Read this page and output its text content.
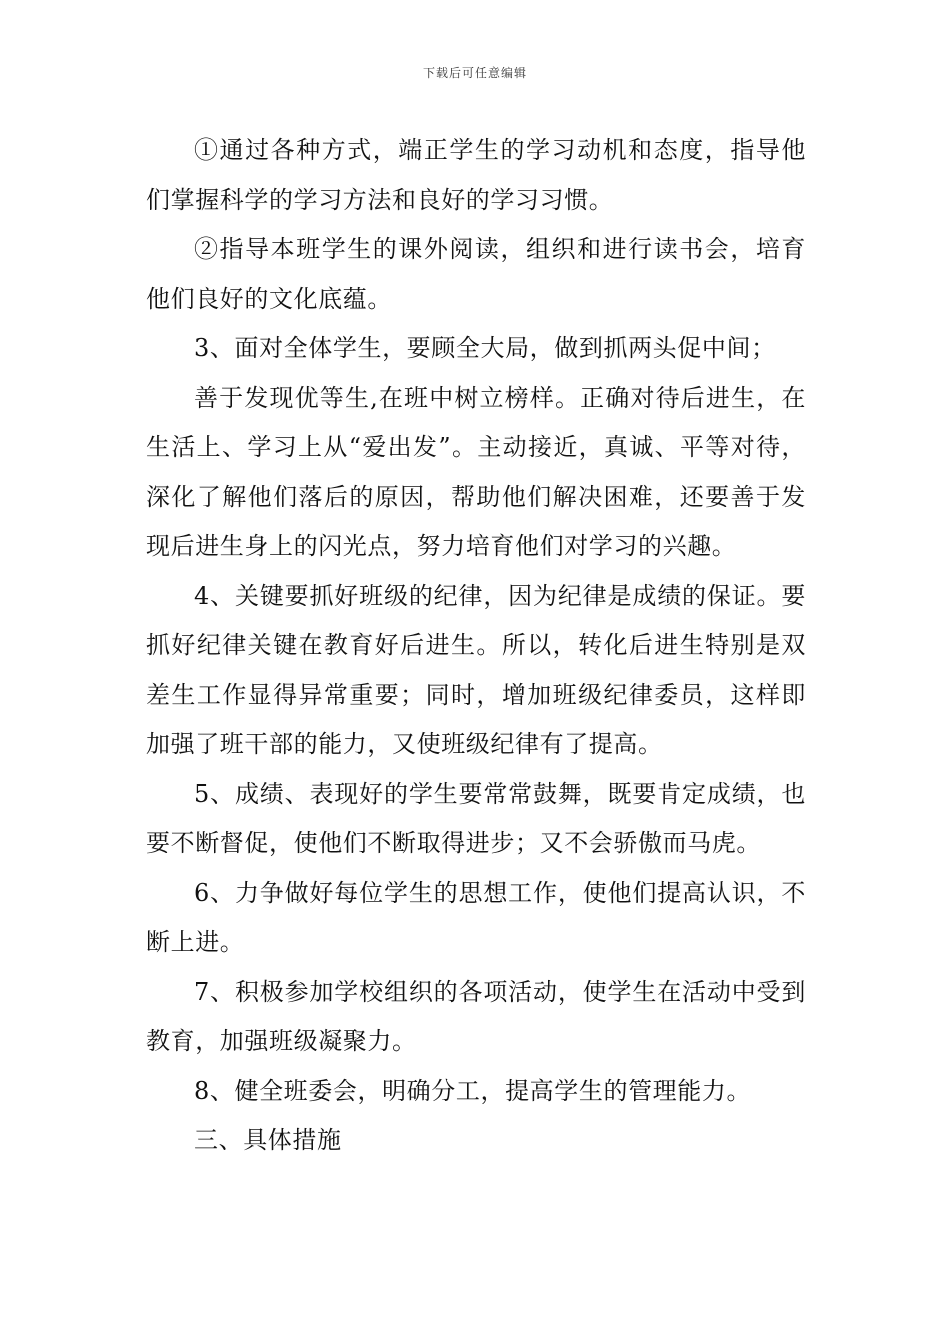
下载后可任意编辑

①通过各种方式，端正学生的学习动机和态度，指导他们掌握科学的学习方法和良好的学习习惯。

②指导本班学生的课外阅读，组织和进行读书会，培育他们良好的文化底蕴。

3、面对全体学生，要顾全大局，做到抓两头促中间；

善于发现优等生,在班中树立榜样。正确对待后进生，在生活上、学习上从“爱出发”。主动接近，真诚、平等对待，深化了解他们落后的原因，帮助他们解决困难，还要善于发现后进生身上的闪光点，努力培育他们对学习的兴趣。

4、关键要抓好班级的纪律，因为纪律是成绩的保证。要抓好纪律关键在教育好后进生。所以，转化后进生特别是双差生工作显得异常重要；同时，增加班级纪律委员，这样即加强了班干部的能力，又使班级纪律有了提高。

5、成绩、表现好的学生要常常鼓舞，既要肯定成绩，也要不断督促，使他们不断取得进步；又不会骄傲而马虎。

6、力争做好每位学生的思想工作，使他们提高认识，不断上进。

7、积极参加学校组织的各项活动，使学生在活动中受到教育，加强班级凝聚力。

8、健全班委会，明确分工，提高学生的管理能力。

三、具体措施
